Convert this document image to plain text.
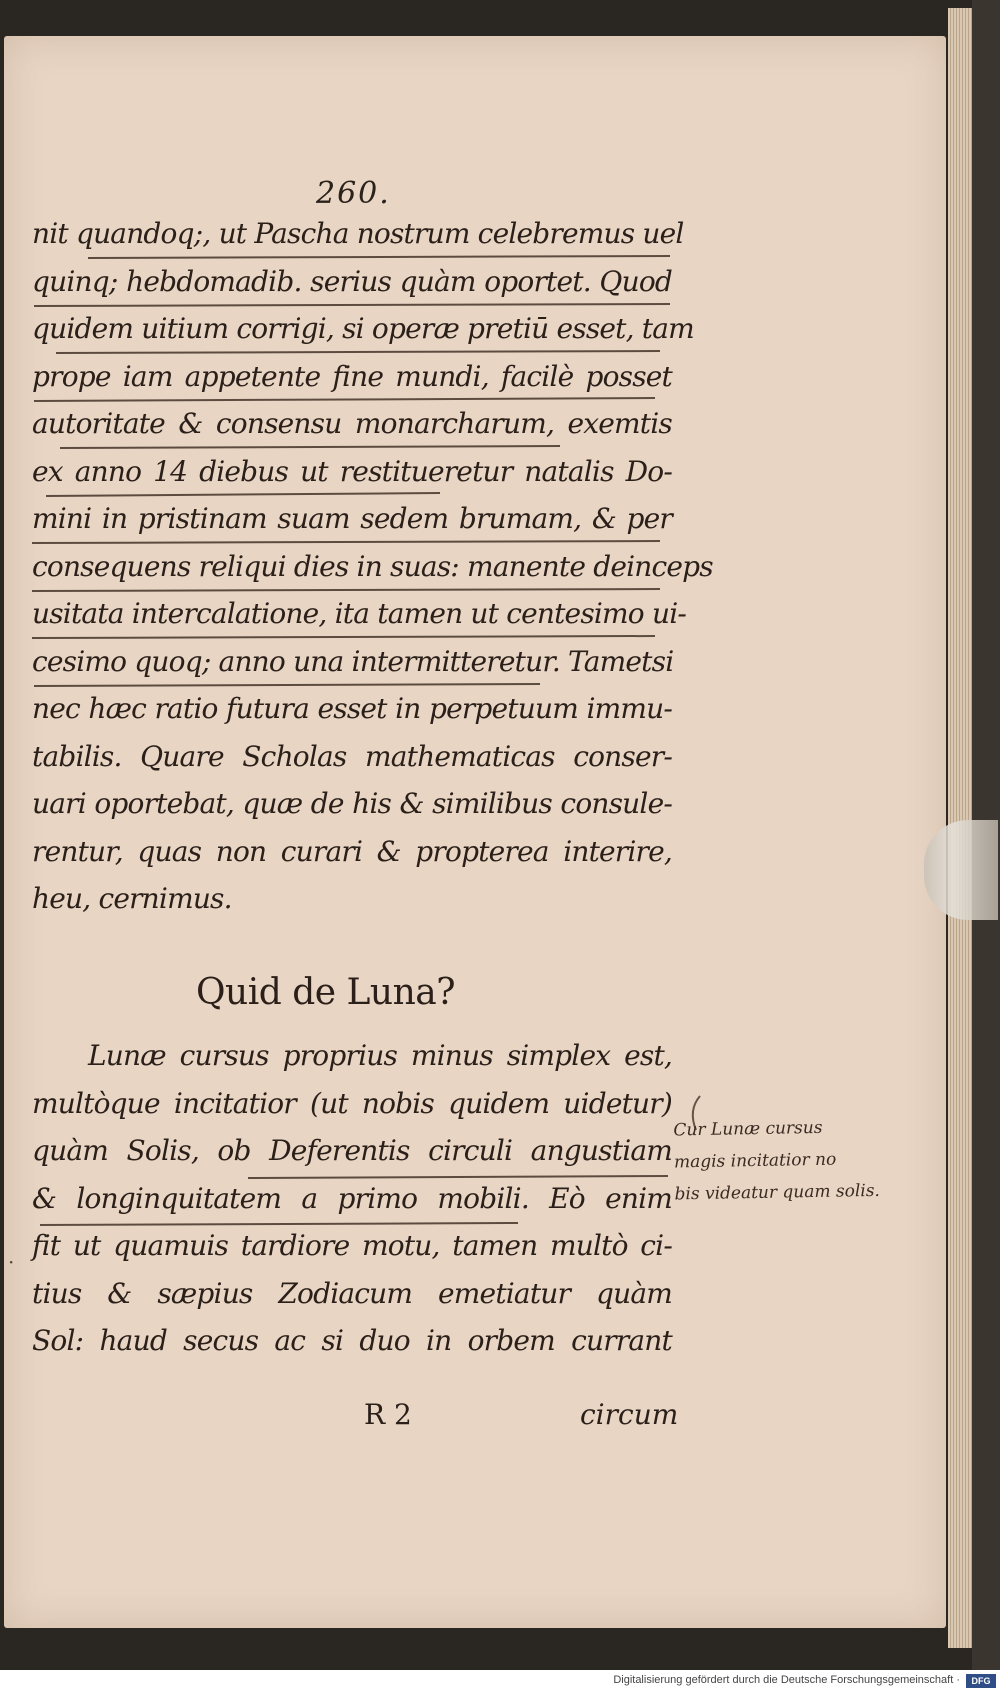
260.
nit quandoq;, ut Pascha nostrum celebremus uel
quinq; hebdomadib. serius quàm oportet. Quod
quidem uitium corrigi, si operæ pretiū esset, tam
prope iam appetente fine mundi, facilè posset
autoritate & consensu monarcharum, exemtis
ex anno 14 diebus ut restitueretur natalis Do-
mini in pristinam suam sedem brumam, & per
consequens reliqui dies in suas: manente deinceps
usitata intercalatione, ita tamen ut centesimo ui-
cesimo quoq; anno una intermitteretur. Tametsi
nec hæc ratio futura esset in perpetuum immu-
tabilis. Quare Scholas mathematicas conser-
uari oportebat, quæ de his & similibus consule-
rentur, quas non curari & propterea interire,
heu, cernimus.
Quid de Luna?
Lunæ cursus proprius minus simplex est,
multòque incitatior (ut nobis quidem uidetur)
quàm Solis, ob Deferentis circuli angustiam
& longinquitatem a primo mobili. Eò enim
fit ut quamuis tardiore motu, tamen multò ci-
tius & sæpius Zodiacum emetiatur quàm
Sol: haud secus ac si duo in orbem currant
R 2	circum
Cur Lunæ cursus
magis incitatior no
bis videatur quam solis.
·
Digitalisierung gefördert durch die Deutsche Forschungsgemeinschaft ·	DFG
